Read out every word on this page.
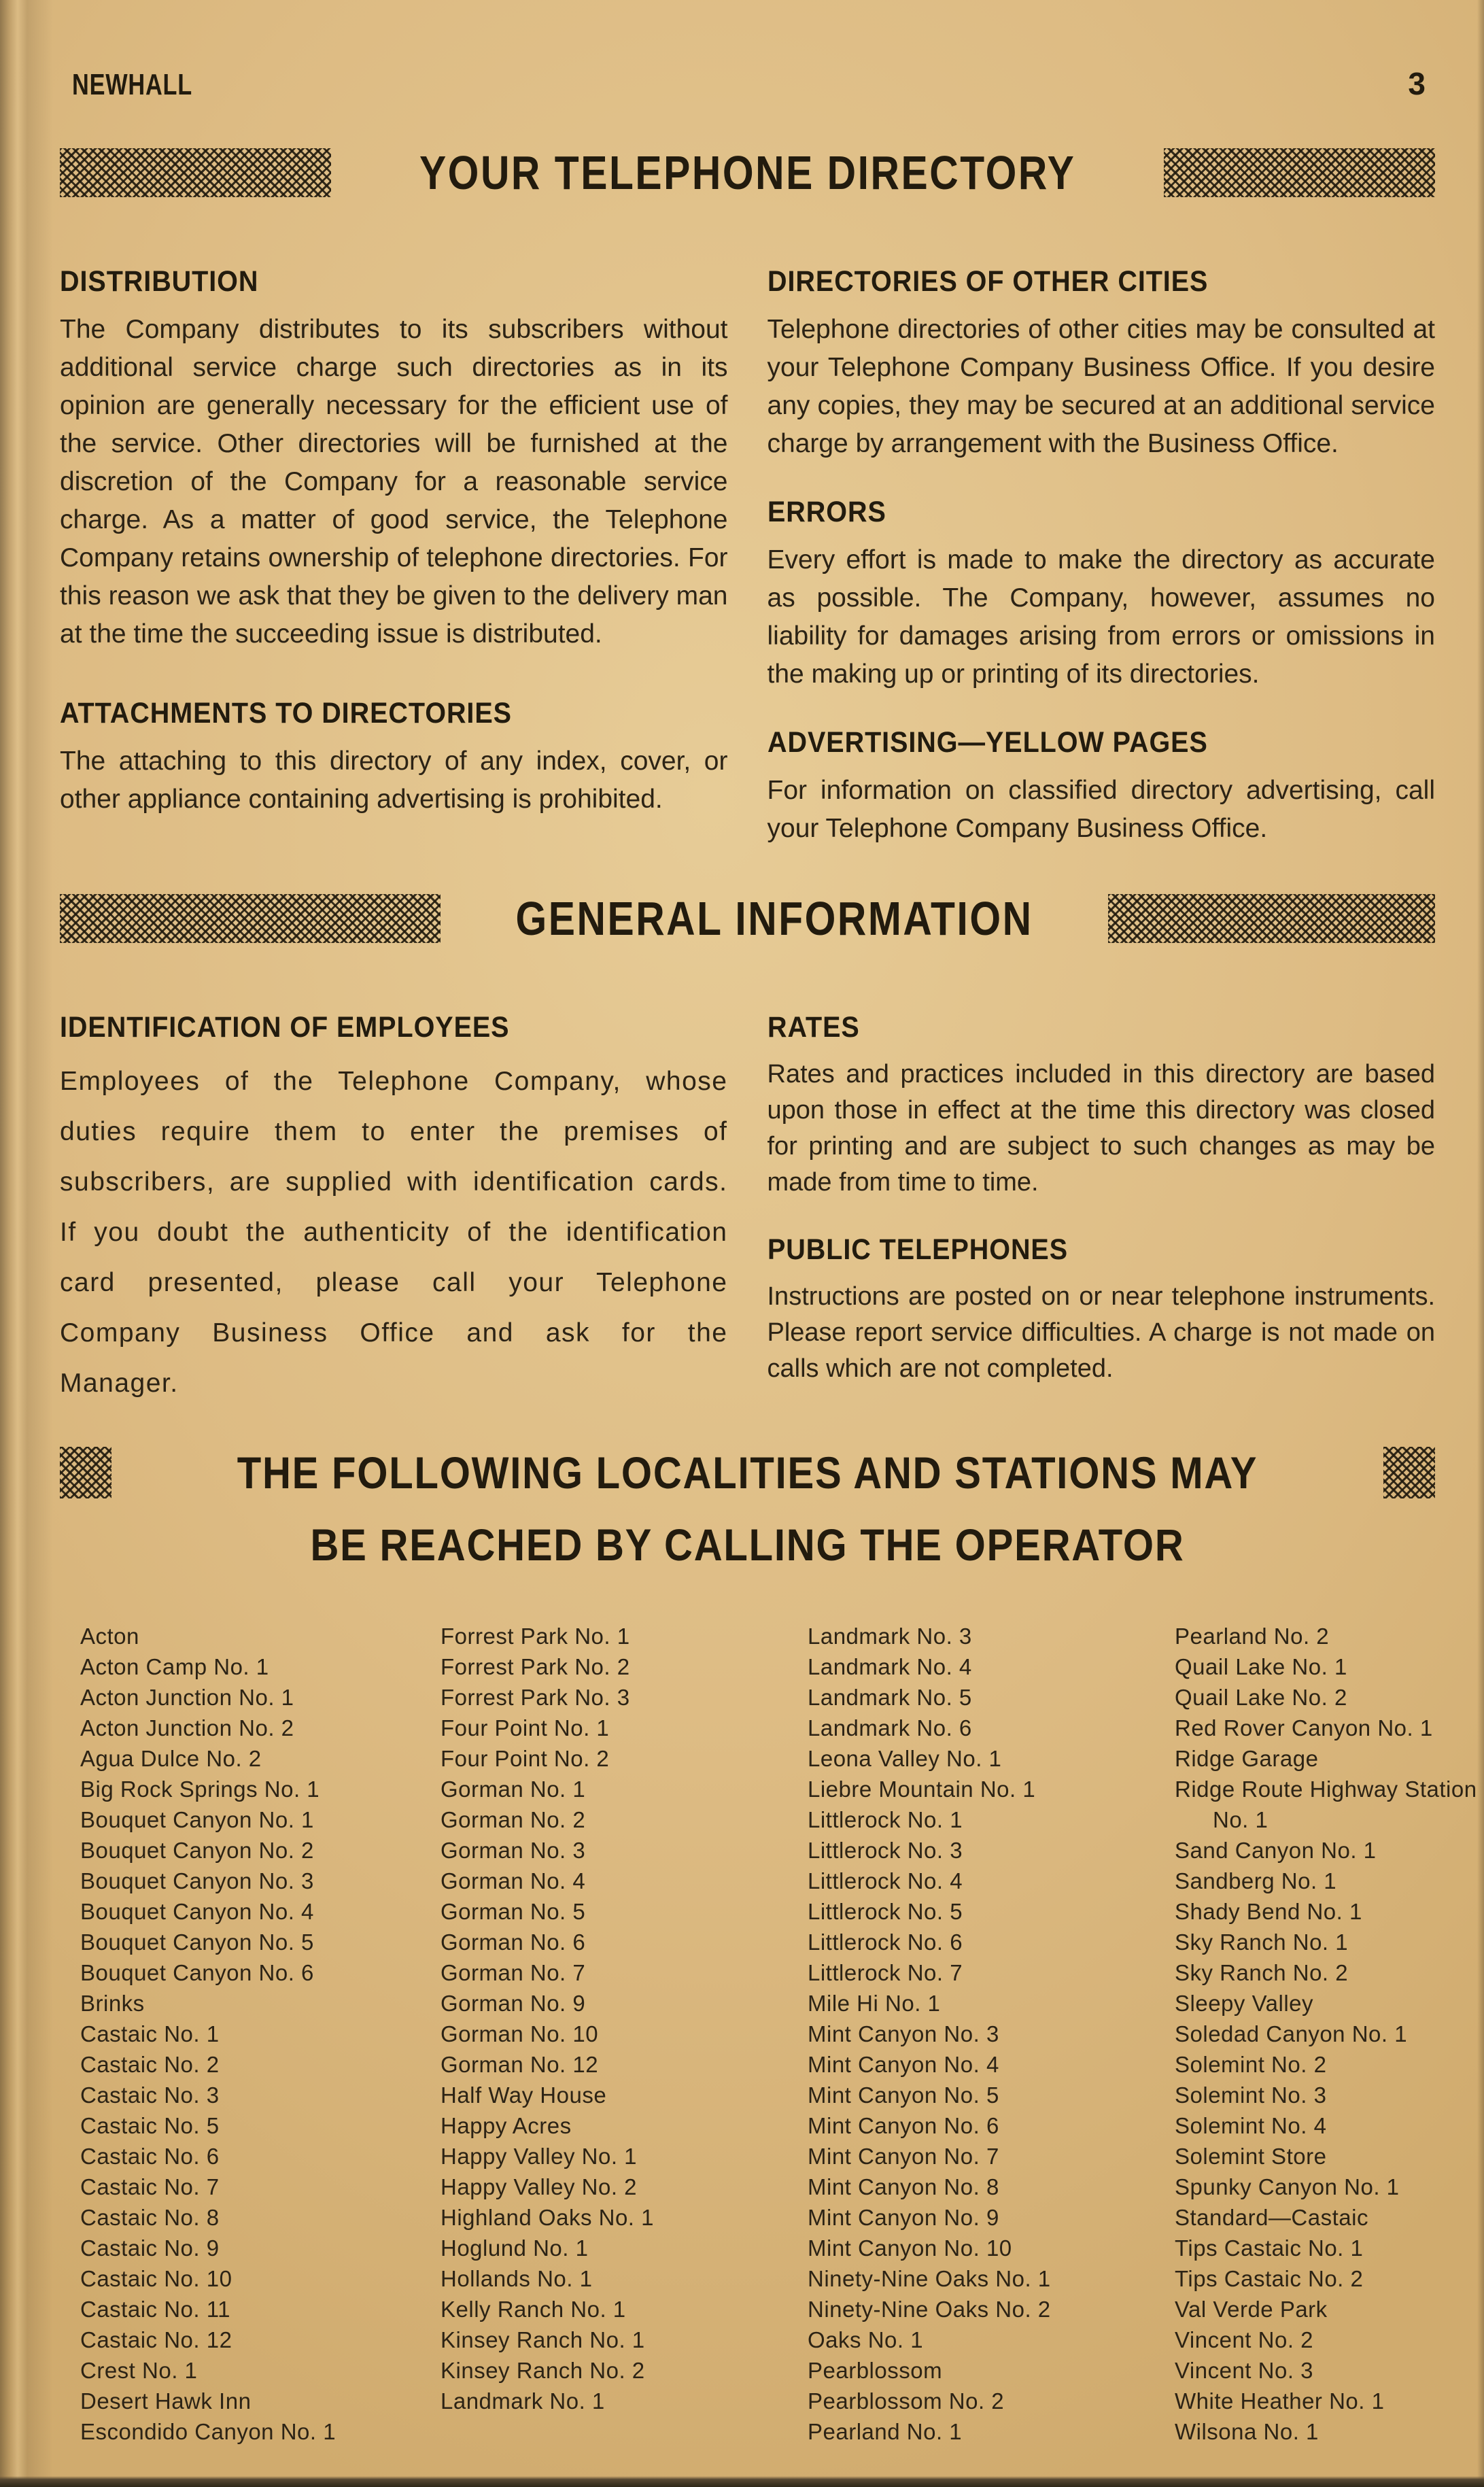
NEWHALL	3
YOUR TELEPHONE DIRECTORY
DISTRIBUTION

The Company distributes to its subscribers without additional service charge such directories as in its opinion are generally necessary for the efficient use of the service. Other directories will be furnished at the discretion of the Company for a reasonable service charge. As a matter of good service, the Telephone Company retains ownership of telephone directories. For this reason we ask that they be given to the delivery man at the time the succeeding issue is distributed.

ATTACHMENTS TO DIRECTORIES

The attaching to this directory of any index, cover, or other appliance containing advertising is prohibited.

DIRECTORIES OF OTHER CITIES

Telephone directories of other cities may be consulted at your Telephone Company Business Office. If you desire any copies, they may be secured at an additional service charge by arrangement with the Business Office.

ERRORS

Every effort is made to make the directory as accurate as possible. The Company, however, assumes no liability for damages arising from errors or omissions in the making up or printing of its directories.

ADVERTISING—YELLOW PAGES

For information on classified directory advertising, call your Telephone Company Business Office.

GENERAL INFORMATION
IDENTIFICATION OF EMPLOYEES

Employees of the Telephone Company, whose duties require them to enter the premises of subscribers, are supplied with identification cards. If you doubt the authenticity of the identification card presented, please call your Telephone Company Business Office and ask for the Manager.

RATES

Rates and practices included in this directory are based upon those in effect at the time this directory was closed for printing and are subject to such changes as may be made from time to time.

PUBLIC TELEPHONES

Instructions are posted on or near telephone instruments. Please report service difficulties. A charge is not made on calls which are not completed.

THE FOLLOWING LOCALITIES AND STATIONS MAY
BE REACHED BY CALLING THE OPERATOR
Acton
Acton Camp No. 1
Acton Junction No. 1
Acton Junction No. 2
Agua Dulce No. 2
Big Rock Springs No. 1
Bouquet Canyon No. 1
Bouquet Canyon No. 2
Bouquet Canyon No. 3
Bouquet Canyon No. 4
Bouquet Canyon No. 5
Bouquet Canyon No. 6
Brinks
Castaic No. 1
Castaic No. 2
Castaic No. 3
Castaic No. 5
Castaic No. 6
Castaic No. 7
Castaic No. 8
Castaic No. 9
Castaic No. 10
Castaic No. 11
Castaic No. 12
Crest No. 1
Desert Hawk Inn
Escondido Canyon No. 1
Forrest Park No. 1
Forrest Park No. 2
Forrest Park No. 3
Four Point No. 1
Four Point No. 2
Gorman No. 1
Gorman No. 2
Gorman No. 3
Gorman No. 4
Gorman No. 5
Gorman No. 6
Gorman No. 7
Gorman No. 9
Gorman No. 10
Gorman No. 12
Half Way House
Happy Acres
Happy Valley No. 1
Happy Valley No. 2
Highland Oaks No. 1
Hoglund No. 1
Hollands No. 1
Kelly Ranch No. 1
Kinsey Ranch No. 1
Kinsey Ranch No. 2
Landmark No. 1
Landmark No. 3
Landmark No. 4
Landmark No. 5
Landmark No. 6
Leona Valley No. 1
Liebre Mountain No. 1
Littlerock No. 1
Littlerock No. 3
Littlerock No. 4
Littlerock No. 5
Littlerock No. 6
Littlerock No. 7
Mile Hi No. 1
Mint Canyon No. 3
Mint Canyon No. 4
Mint Canyon No. 5
Mint Canyon No. 6
Mint Canyon No. 7
Mint Canyon No. 8
Mint Canyon No. 9
Mint Canyon No. 10
Ninety-Nine Oaks No. 1
Ninety-Nine Oaks No. 2
Oaks No. 1
Pearblossom
Pearblossom No. 2
Pearland No. 1
Pearland No. 2
Quail Lake No. 1
Quail Lake No. 2
Red Rover Canyon No. 1
Ridge Garage
Ridge Route Highway Station No. 1
Sand Canyon No. 1
Sandberg No. 1
Shady Bend No. 1
Sky Ranch No. 1
Sky Ranch No. 2
Sleepy Valley
Soledad Canyon No. 1
Solemint No. 2
Solemint No. 3
Solemint No. 4
Solemint Store
Spunky Canyon No. 1
Standard—Castaic
Tips Castaic No. 1
Tips Castaic No. 2
Val Verde Park
Vincent No. 2
Vincent No. 3
White Heather No. 1
Wilsona No. 1
